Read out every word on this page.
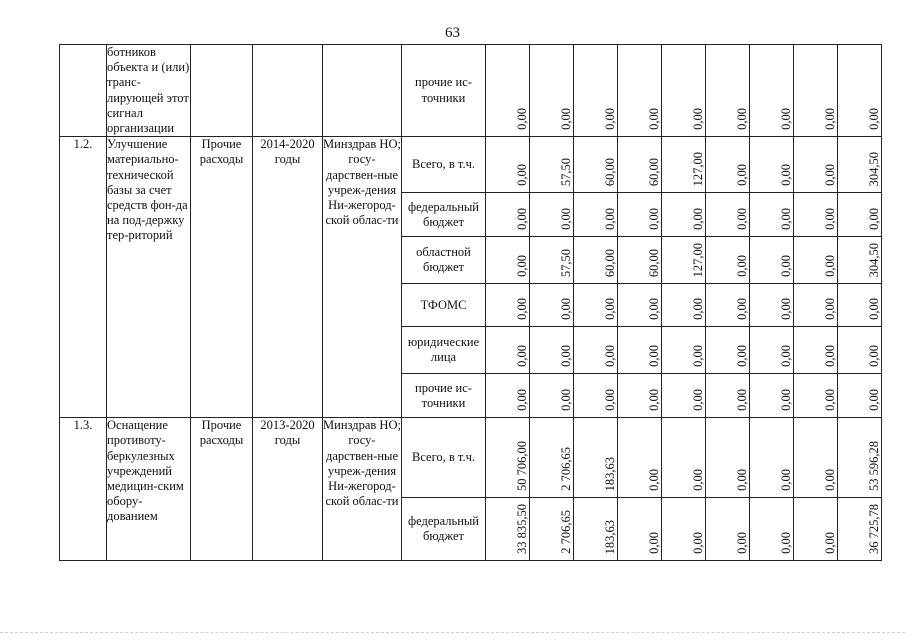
63
	ботников объекта и (или) транс-лирующей этот сигнал организации				прочие ис-точники	0,00	0,00	0,00	0,00	0,00	0,00	0,00	0,00	0,00

1.2.	Улучшение материально-технической базы за счет средств фон-да на под-держку тер-риторий	Прочие расходы	2014-2020 годы	Минздрав НО; госу-дарствен-ные учреж-дения Ни-жегород-ской облас-ти	Всего, в т.ч.	0,00	57,50	60,00	60,00	127,00	0,00	0,00	0,00	304,50

					федеральный бюджет	0,00	0,00	0,00	0,00	0,00	0,00	0,00	0,00	0,00

					областной бюджет	0,00	57,50	60,00	60,00	127,00	0,00	0,00	0,00	304,50

					ТФОМС	0,00	0,00	0,00	0,00	0,00	0,00	0,00	0,00	0,00

					юридические лица	0,00	0,00	0,00	0,00	0,00	0,00	0,00	0,00	0,00

					прочие ис-точники	0,00	0,00	0,00	0,00	0,00	0,00	0,00	0,00	0,00

1.3.	Оснащение противоту-беркулезных учреждений медицин-ским обору-дованием	Прочие расходы	2013-2020 годы	Минздрав НО; госу-дарствен-ные учреж-дения Ни-жегород-ской облас-ти	Всего, в т.ч.	50 706,00	2 706,65	183,63	0,00	0,00	0,00	0,00	0,00	53 596,28

					федеральный бюджет	33 835,50	2 706,65	183,63	0,00	0,00	0,00	0,00	0,00	36 725,78
